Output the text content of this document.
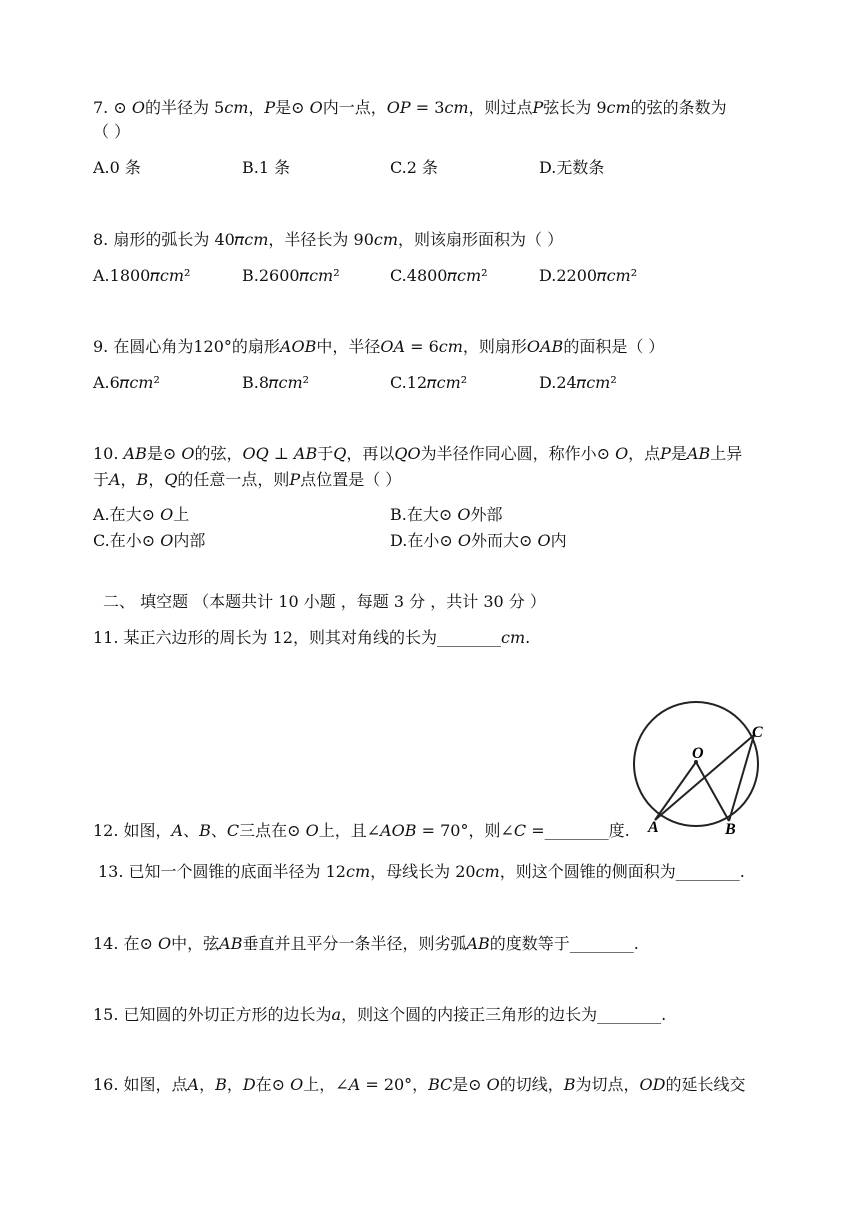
7. ⊙ 𝑂的半径为 5𝑐𝑚，𝑃是⊙ 𝑂内一点，𝑂𝑃 = 3𝑐𝑚，则过点𝑃弦长为 9𝑐𝑚的弦的条数为
（ ）
A.0 条	B.1 条	C.2 条	D.无数条
8. 扇形的弧长为 40𝜋𝑐𝑚，半径长为 90𝑐𝑚，则该扇形面积为（ ）
A.1800𝜋𝑐𝑚²	B.2600𝜋𝑐𝑚²	C.4800𝜋𝑐𝑚²	D.2200𝜋𝑐𝑚²
9. 在圆心角为120°的扇形𝐴𝑂𝐵中，半径𝑂𝐴 = 6𝑐𝑚，则扇形𝑂𝐴𝐵的面积是（ ）
A.6𝜋𝑐𝑚²	B.8𝜋𝑐𝑚²	C.12𝜋𝑐𝑚²	D.24𝜋𝑐𝑚²
10. 𝐴𝐵是⊙ 𝑂的弦，𝑂𝑄 ⊥ 𝐴𝐵于𝑄，再以𝑄𝑂为半径作同心圆，称作小⊙ 𝑂，点𝑃是𝐴𝐵上异
于𝐴，𝐵，𝑄的任意一点，则𝑃点位置是（ ）
A.在大⊙ 𝑂上	B.在大⊙ 𝑂外部
C.在小⊙ 𝑂内部	D.在小⊙ 𝑂外而大⊙ 𝑂内
二、 填空题 （本题共计 10 小题 ，每题 3 分 ，共计 30 分 ）
11. 某正六边形的周长为 12，则其对角线的长为________𝑐𝑚.
O
C
A	B
12. 如图，𝐴、𝐵、𝐶三点在⊙ 𝑂上，且∠𝐴𝑂𝐵 = 70°，则∠𝐶 =________度.
13. 已知一个圆锥的底面半径为 12𝑐𝑚，母线长为 20𝑐𝑚，则这个圆锥的侧面积为________.
14. 在⊙ 𝑂中，弦𝐴𝐵垂直并且平分一条半径，则劣弧𝐴𝐵的度数等于________.
15. 已知圆的外切正方形的边长为𝑎，则这个圆的内接正三角形的边长为________.
16. 如图，点𝐴，𝐵，𝐷在⊙ 𝑂上，∠𝐴 = 20°，𝐵𝐶是⊙ 𝑂的切线，𝐵为切点，𝑂𝐷的延长线交
